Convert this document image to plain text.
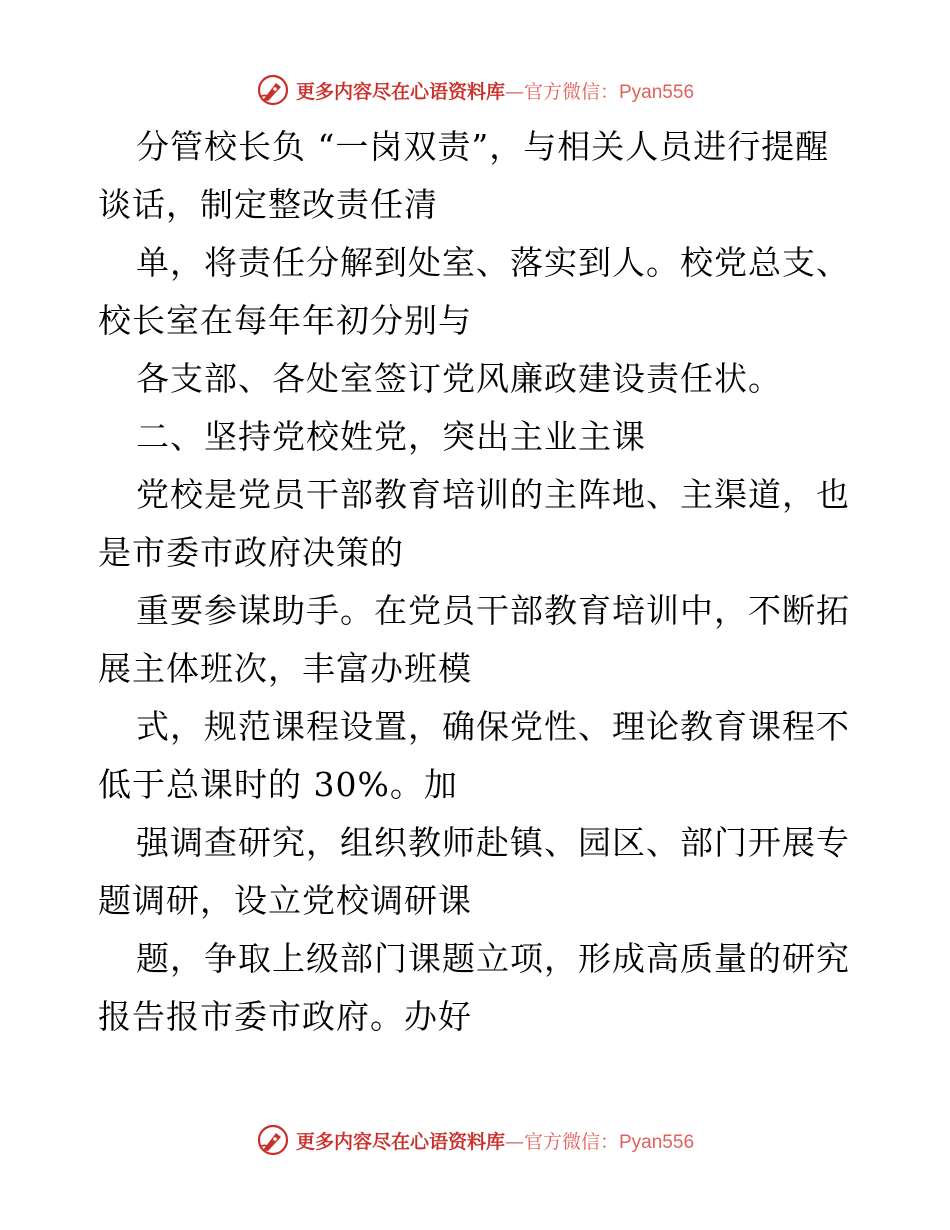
更多内容尽在心语资料库—官方微信：Pyan556

分管校长负 “一岗双责”，与相关人员进行提醒谈话，制定整改责任清

单，将责任分解到处室、落实到人。校党总支、校长室在每年年初分别与

各支部、各处室签订党风廉政建设责任状。

二、坚持党校姓党，突出主业主课

党校是党员干部教育培训的主阵地、主渠道，也是市委市政府决策的

重要参谋助手。在党员干部教育培训中，不断拓展主体班次，丰富办班模

式，规范课程设置，确保党性、理论教育课程不低于总课时的 30%。加

强调查研究，组织教师赴镇、园区、部门开展专题调研，设立党校调研课

题，争取上级部门课题立项，形成高质量的研究报告报市委市政府。办好

更多内容尽在心语资料库—官方微信：Pyan556
